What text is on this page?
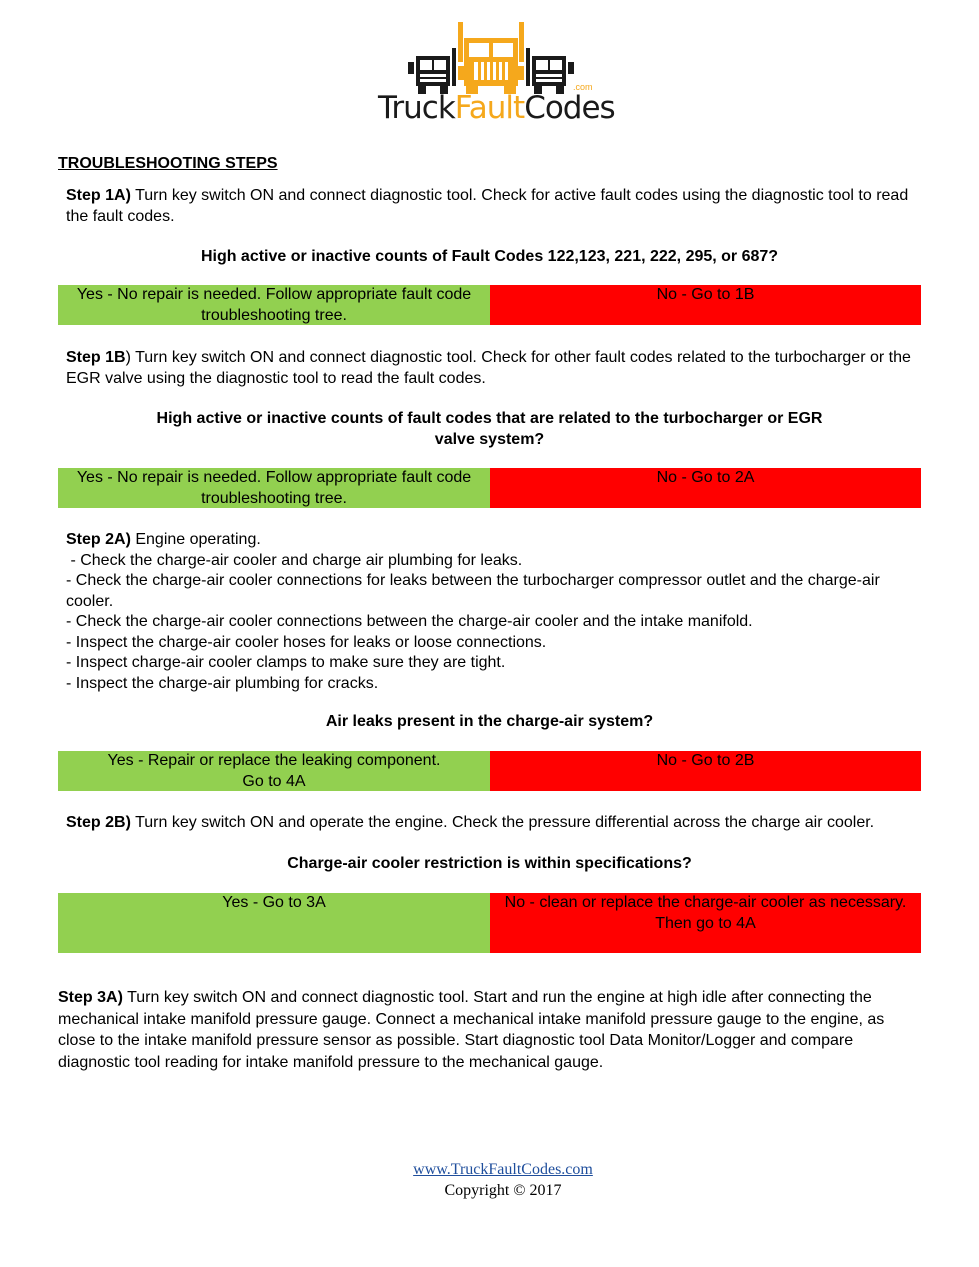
TruckFaultCodes
.com
TROUBLESHOOTING STEPS
Step 1A) Turn key switch ON and connect diagnostic tool. Check for active fault codes using the diagnostic tool to read the fault codes.
High active or inactive counts of Fault Codes 122,123, 221, 222, 295, or 687?
Yes - No repair is needed. Follow appropriate fault code troubleshooting tree.
No - Go to 1B
Step 1B) Turn key switch ON and connect diagnostic tool. Check for other fault codes related to the turbocharger or the EGR valve using the diagnostic tool to read the fault codes.
High active or inactive counts of fault codes that are related to the turbocharger or EGR valve system?
Yes - No repair is needed. Follow appropriate fault code troubleshooting tree.
No - Go to 2A
Step 2A) Engine operating.
- Check the charge-air cooler and charge air plumbing for leaks.
- Check the charge-air cooler connections for leaks between the turbocharger compressor outlet and the charge-air cooler.
- Check the charge-air cooler connections between the charge-air cooler and the intake manifold.
- Inspect the charge-air cooler hoses for leaks or loose connections.
- Inspect charge-air cooler clamps to make sure they are tight.
- Inspect the charge-air plumbing for cracks.
Air leaks present in the charge-air system?
Yes - Repair or replace the leaking component.
Go to 4A
No - Go to 2B
Step 2B) Turn key switch ON and operate the engine. Check the pressure differential across the charge air cooler.
Charge-air cooler restriction is within specifications?
Yes - Go to 3A	No - clean or replace the charge-air cooler as necessary.
Then go to 4A
Step 3A) Turn key switch ON and connect diagnostic tool. Start and run the engine at high idle after connecting the mechanical intake manifold pressure gauge. Connect a mechanical intake manifold pressure gauge to the engine, as close to the intake manifold pressure sensor as possible. Start diagnostic tool Data Monitor/Logger and compare diagnostic tool reading for intake manifold pressure to the mechanical gauge.
www.TruckFaultCodes.com
Copyright © 2017
